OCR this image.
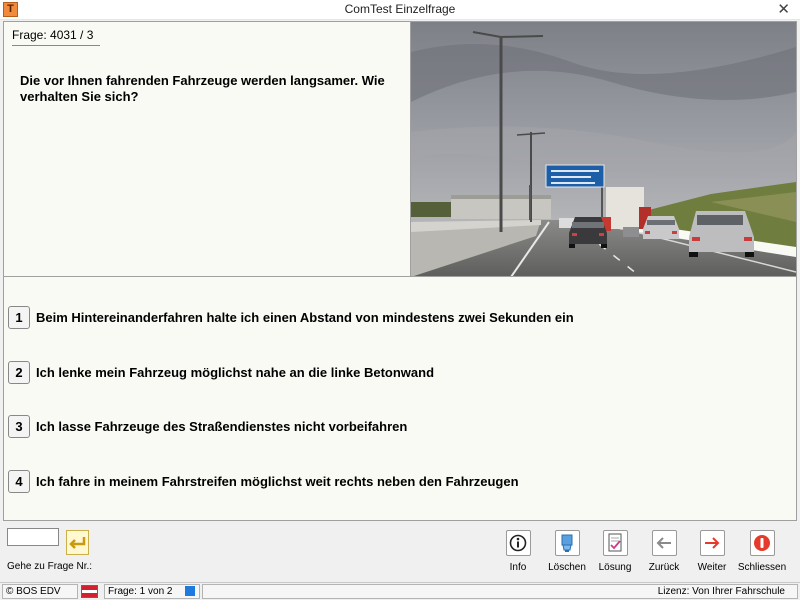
T	ComTest Einzelfrage	✕
Frage: 4031 / 3
Die vor Ihnen fahrenden Fahrzeuge werden langsamer. Wie verhalten Sie sich?
1	Beim Hintereinanderfahren halte ich einen Abstand von mindestens zwei Sekunden ein
2	Ich lenke mein Fahrzeug möglichst nahe an die linke Betonwand
3	Ich lasse Fahrzeuge des Straßendienstes nicht vorbeifahren
4	Ich fahre in meinem Fahrstreifen möglichst weit rechts neben den Fahrzeugen
Gehe zu Frage Nr.:	Info	Löschen	Lösung	Zurück	Weiter	Schliessen
© BOS EDV	Frage: 1 von 2	Lizenz: Von Ihrer Fahrschule
